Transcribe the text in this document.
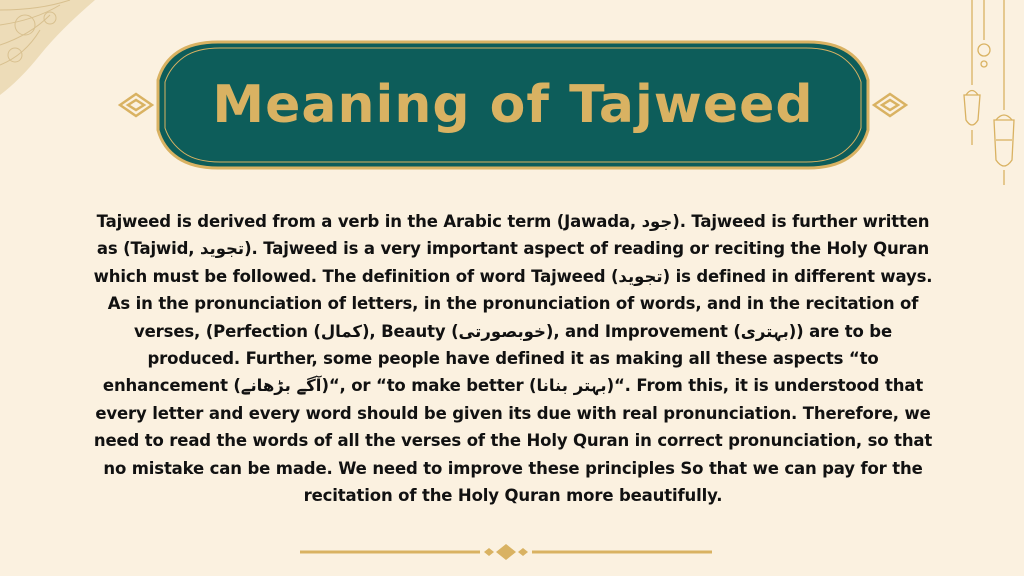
Meaning of Tajweed
Tajweed is derived from a verb in the Arabic term (Jawada, جود). Tajweed is further written as (Tajwid, تجوید). Tajweed is a very important aspect of reading or reciting the Holy Quran which must be followed. The definition of word Tajweed (تجوید) is defined in different ways. As in the pronunciation of letters, in the pronunciation of words, and in the recitation of verses, (Perfection (کمال), Beauty (خوبصورتی), and Improvement (بہتری)) are to be produced. Further, some people have defined it as making all these aspects “to enhancement (آگے بڑھانے)“, or “to make better (بہتر بنانا)“. From this, it is understood that every letter and every word should be given its due with real pronunciation. Therefore, we need to read the words of all the verses of the Holy Quran in correct pronunciation, so that no mistake can be made. We need to improve these principles So that we can pay for the recitation of the Holy Quran more beautifully.
